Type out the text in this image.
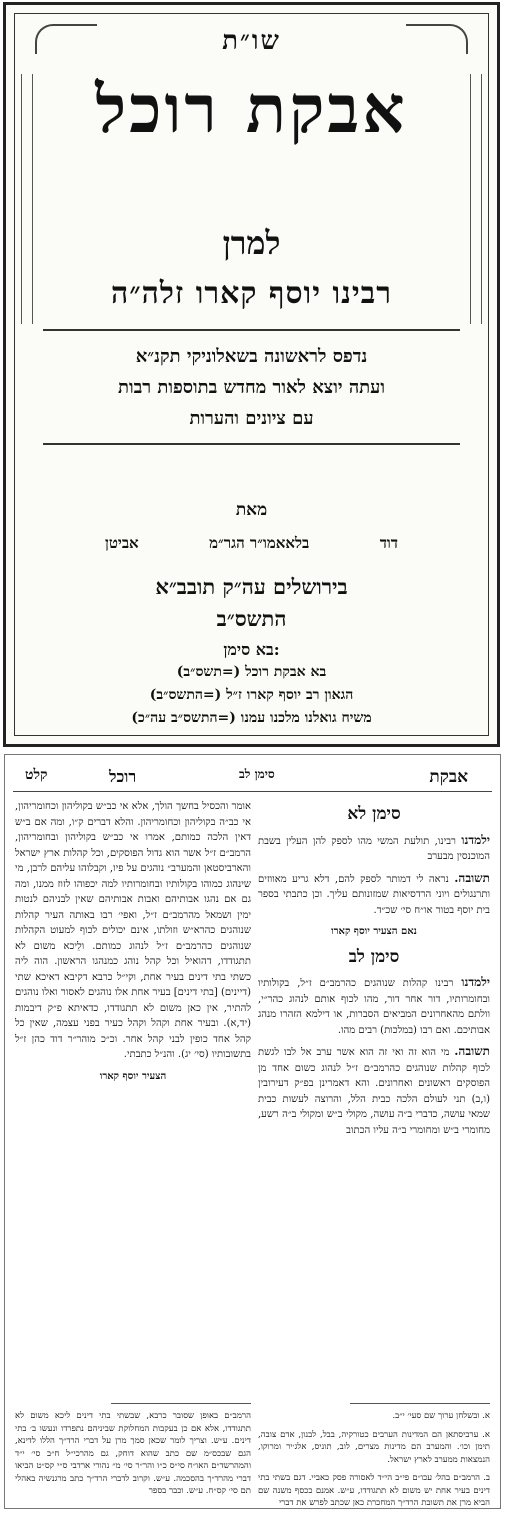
שו״ת
אבקת רוכל
למרן
רבינו יוסף קארו זלה״ה
נדפס לראשונה בשאלוניקי תקנ״א
ועתה יוצא לאור מחדש בתוספות רבות
עם ציונים והערות
מאת
אביטן	בלאאמו״ר הגר״מ	דוד
בירושלים עה״ק תובב״א
התשס״ב
בא סימן:
בא אבקת רוכל (=תשס״ב)
הגאון רב יוסף קארו ז״ל (=התשס״ב)
משיח גואלנו מלכנו עמנו (=התשס״ב עה״כ)
אבקת
סימן לב
רוכל
קלט
סימן לא

ילמדנו רבינו, תולעת המשי מהו לספק להן העלין בשבת המוכנסין מבערב

תשובה. נראה לי דמותר לספק להם, דלא גריע מאווזים ותרנגולים ויוני הרדסיאות שמזונותם עליך. וכן כתבתי בספר בית יוסף בטור או״ח סי׳ שכ״ד.

נאם הצעיר יוסף קארו
סימן לב

ילמדנו רבינו קהלות שנוהגים כהרמב״ם ז״ל, בקולותיו ובחומרותיו, דור אחר דור, מהו לכוף אותם לנהוג כהר״י, וולתם מהאחרונים המביאים הסברות, או דילמא הזהרו מנהג אבותיכם. ואם רבו (במלכות) רבים מהו.

תשובה. מי הוא זה ואי זה הוא אשר ערב אל לבו לגשת לכוף קהלות שנוהגים כהרמב״ם ז״ל לנהוג כשום אחד מן הפוסקים ראשונים ואחרונים. והא דאמרינן בפ״ק דעירובין (ו,ב) תני לעולם הלכה כבית הלל, והרוצה לעשות כבית שמאי עושה, כדברי ב״ה עושה, מקולי ב״ש ומקולי ב״ה רשע, מחומרי ב״ש ומחומרי ב״ה עליו הכתוב

אומר והכסיל בחשך הולך, אלא אי כב״ש בקוליהון וכחומריהון, אי כב״ה בקוליהון וכחומריהון. והלא דברים ק״ו, ומה אם ב״ש דאין הלכה כמותם, אמרו אי כב״ש בקוליהון ובחומריהון, הרמב״ם ז״ל אשר הוא גדול הפוסקים, וכל קהלות ארץ ישראל והארביסטאן והמערב״ נוהגים על פיו, וקבלוהו עליהם לרבן, מי שינהוג כמוהו בקולותיו ובחומרותיו למה יכפוהו לזוז ממנו, ומה גם אם נהגו אבותיהם ואבות אבותיהם שאין לבניהם לנטות ימין ושמאל מהרמב״ם ז״ל, ואפי׳ רבו באותה העיר קהלות שנוהגים כהרא״ש וזולתו, אינם יכולים לכוף למעוט הקהלות שנוהגים כהרמב״ם ז״ל לנהוג כמותם. ולֵיכא משום לא תתגודדו, דהואיל וכל קהל נוהג כמנהגו הראשון. הוה ליה כשתי בתי דינים בעיר אחת, וקי״ל כרבא דקיבא דאיכא שתי (דיינים) [בתי דינים] בעיר אחת אלו נוהגים לאסור ואלו נוהגים להתיר, אין כאן משום לא תתגודדו, כדאיתא פ״ק דיבמות (יד,א). ובעיר אחת וקהל וקהל כעיר בפני עצמה, שאין כל קהל אחד כופין לבני קהל אחר. וכ״כ מוהר״ר דוד כהן ז״ל בתשובותיו (סי׳ יג). והנ״ל כתבתי.

הצעיר יוסף קארו

א. ובשלחן ערוך שם סעי׳ י״ב.

א. ערביסתאן הם המדינות הערבים כטורקיה, בבל, לבנון, אדם צובה, תימן וכו׳. והמערב הם מדינות מצרים, לוב, תוניס, אלג׳יר ומרוקו, הנמצאות ממערב לארץ ישראל.

ב. הרמב״ם בהל׳ עכו״ם פי״ב הי״ד לאסורה פסק כאביי. דגם בשתי בתי דינים בעיר אחת יש משום לא תתגודדו, ע״ש. אמנם ככסף משנה שם הביא מרן את תשובת הרד״ך המחכרת כאן שכתב לפרש את דברי

הרמב״ם באופן שסובר כרבא, שבשתי בתי דינים ליכא משום לא תתגודדו, אלא אם כן בעקבות המחלוקת שביניהם נתפרדו ונעשו ב׳ בתי דינים. ע״ש. וצריך לומר שכאן סמך מרן על דברי הרד״ך הללו לדינא, הגם שבכס״מ שם כתב שהוא דוחק, גם מהרכי״ל ח״ב סי׳ י״ד והמהרשד״ם האו״ח סי״ס כ״ו והר״ר סי׳ מ״ נהורי ארדבי ס״י קס״ט הביאו דברי מהרד״ך בהסכמה. ע״ש. וקרוב לדברי הרד״ך כתב מרגנשיה באהלי תם סי׳ קס״ח. ע״ש. וכבר בספר
